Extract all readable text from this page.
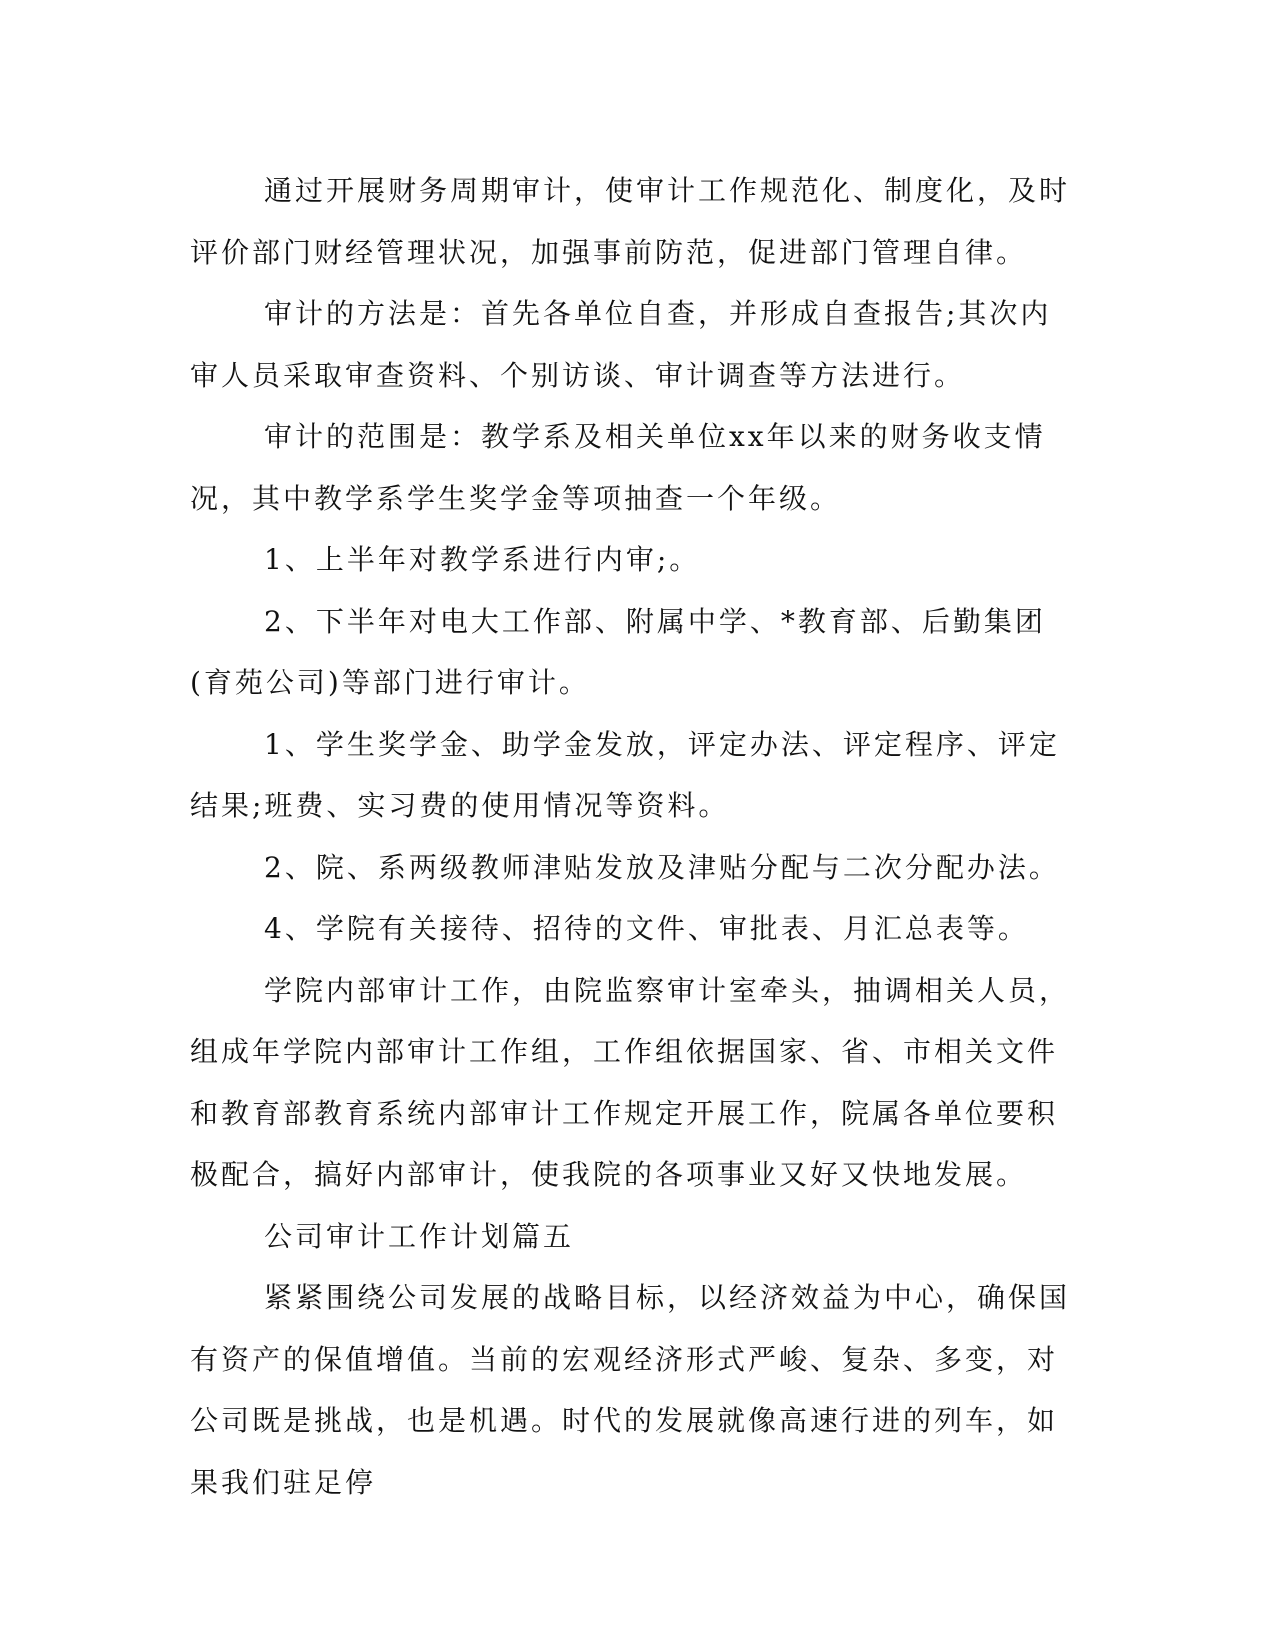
通过开展财务周期审计，使审计工作规范化、制度化，及时评价部门财经管理状况，加强事前防范，促进部门管理自律。

审计的方法是：首先各单位自查，并形成自查报告;其次内审人员采取审查资料、个别访谈、审计调查等方法进行。

审计的范围是：教学系及相关单位xx年以来的财务收支情况，其中教学系学生奖学金等项抽查一个年级。

1、上半年对教学系进行内审;。

2、下半年对电大工作部、附属中学、*教育部、后勤集团(育苑公司)等部门进行审计。

1、学生奖学金、助学金发放，评定办法、评定程序、评定结果;班费、实习费的使用情况等资料。

2、院、系两级教师津贴发放及津贴分配与二次分配办法。

4、学院有关接待、招待的文件、审批表、月汇总表等。

学院内部审计工作，由院监察审计室牵头，抽调相关人员，组成年学院内部审计工作组，工作组依据国家、省、市相关文件和教育部教育系统内部审计工作规定开展工作，院属各单位要积极配合，搞好内部审计，使我院的各项事业又好又快地发展。

公司审计工作计划篇五

紧紧围绕公司发展的战略目标，以经济效益为中心，确保国有资产的保值增值。当前的宏观经济形式严峻、复杂、多变，对公司既是挑战，也是机遇。时代的发展就像高速行进的列车，如果我们驻足停
